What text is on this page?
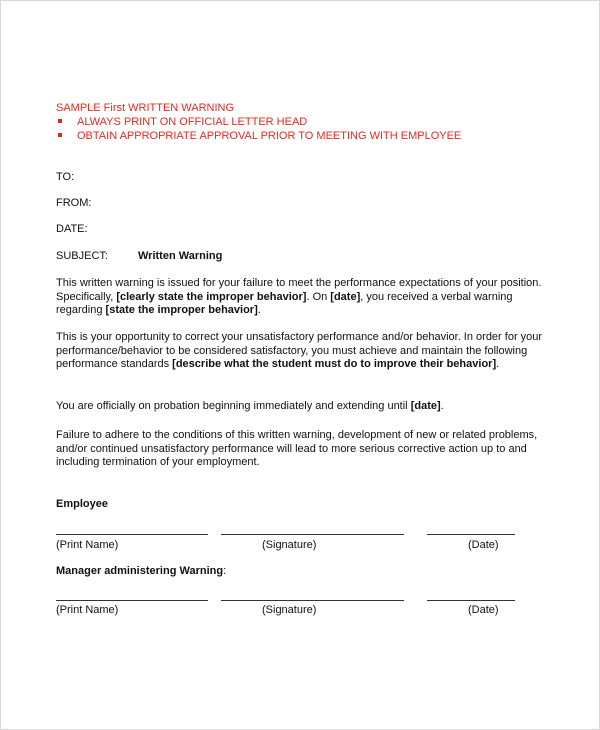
SAMPLE First WRITTEN WARNING
ALWAYS PRINT ON OFFICIAL LETTER HEAD
OBTAIN APPROPRIATE APPROVAL PRIOR TO MEETING WITH EMPLOYEE
TO:
FROM:
DATE:
SUBJECT:	Written Warning

This written warning is issued for your failure to meet the performance expectations of your position. Specifically, [clearly state the improper behavior]. On [date], you received a verbal warning regarding [state the improper behavior].

This is your opportunity to correct your unsatisfactory performance and/or behavior. In order for your performance/behavior to be considered satisfactory, you must achieve and maintain the following performance standards [describe what the student must do to improve their behavior].

You are officially on probation beginning immediately and extending until [date].

Failure to adhere to the conditions of this written warning, development of new or related problems, and/or continued unsatisfactory performance will lead to more serious corrective action up to and including termination of your employment.

Employee
(Print Name)	(Signature)	(Date)
Manager administering Warning:
(Print Name)	(Signature)	(Date)
